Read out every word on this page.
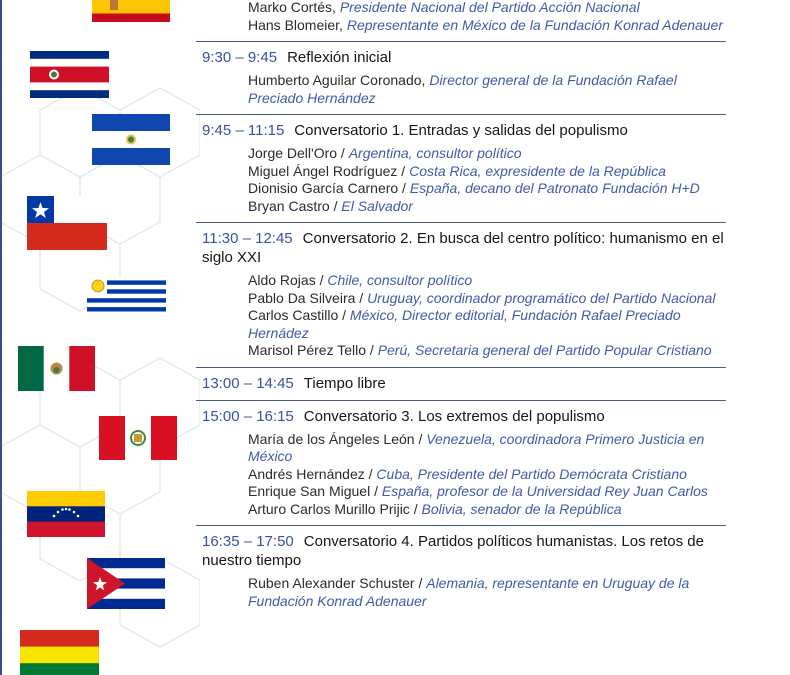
Marko Cortés, Presidente Nacional del Partido Acción Nacional
Hans Blomeier, Representante en México de la Fundación Konrad Adenauer
9:30 – 9:45 Reflexión inicial
Humberto Aguilar Coronado, Director general de la Fundación Rafael Preciado Hernández
9:45 – 11:15 Conversatorio 1. Entradas y salidas del populismo
Jorge Dell'Oro / Argentina, consultor político
Miguel Ángel Rodríguez / Costa Rica, expresidente de la República
Dionisio García Carnero / España, decano del Patronato Fundación H+D
Bryan Castro / El Salvador
11:30 – 12:45 Conversatorio 2. En busca del centro político: humanismo en el siglo XXI
Aldo Rojas / Chile, consultor político
Pablo Da Silveira / Uruguay, coordinador programático del Partido Nacional
Carlos Castillo / México, Director editorial, Fundación Rafael Preciado Hernádez
Marisol Pérez Tello / Perú, Secretaria general del Partido Popular Cristiano
13:00 – 14:45 Tiempo libre
15:00 – 16:15 Conversatorio 3. Los extremos del populismo
María de los Ángeles León / Venezuela, coordinadora Primero Justicia en México
Andrés Hernández / Cuba, Presidente del Partido Demócrata Cristiano
Enrique San Miguel / España, profesor de la Universidad Rey Juan Carlos
Arturo Carlos Murillo Prijic / Bolivia, senador de la República
16:35 – 17:50 Conversatorio 4. Partidos políticos humanistas. Los retos de nuestro tiempo
Ruben Alexander Schuster / Alemania, representante en Uruguay de la Fundación Konrad Adenauer
